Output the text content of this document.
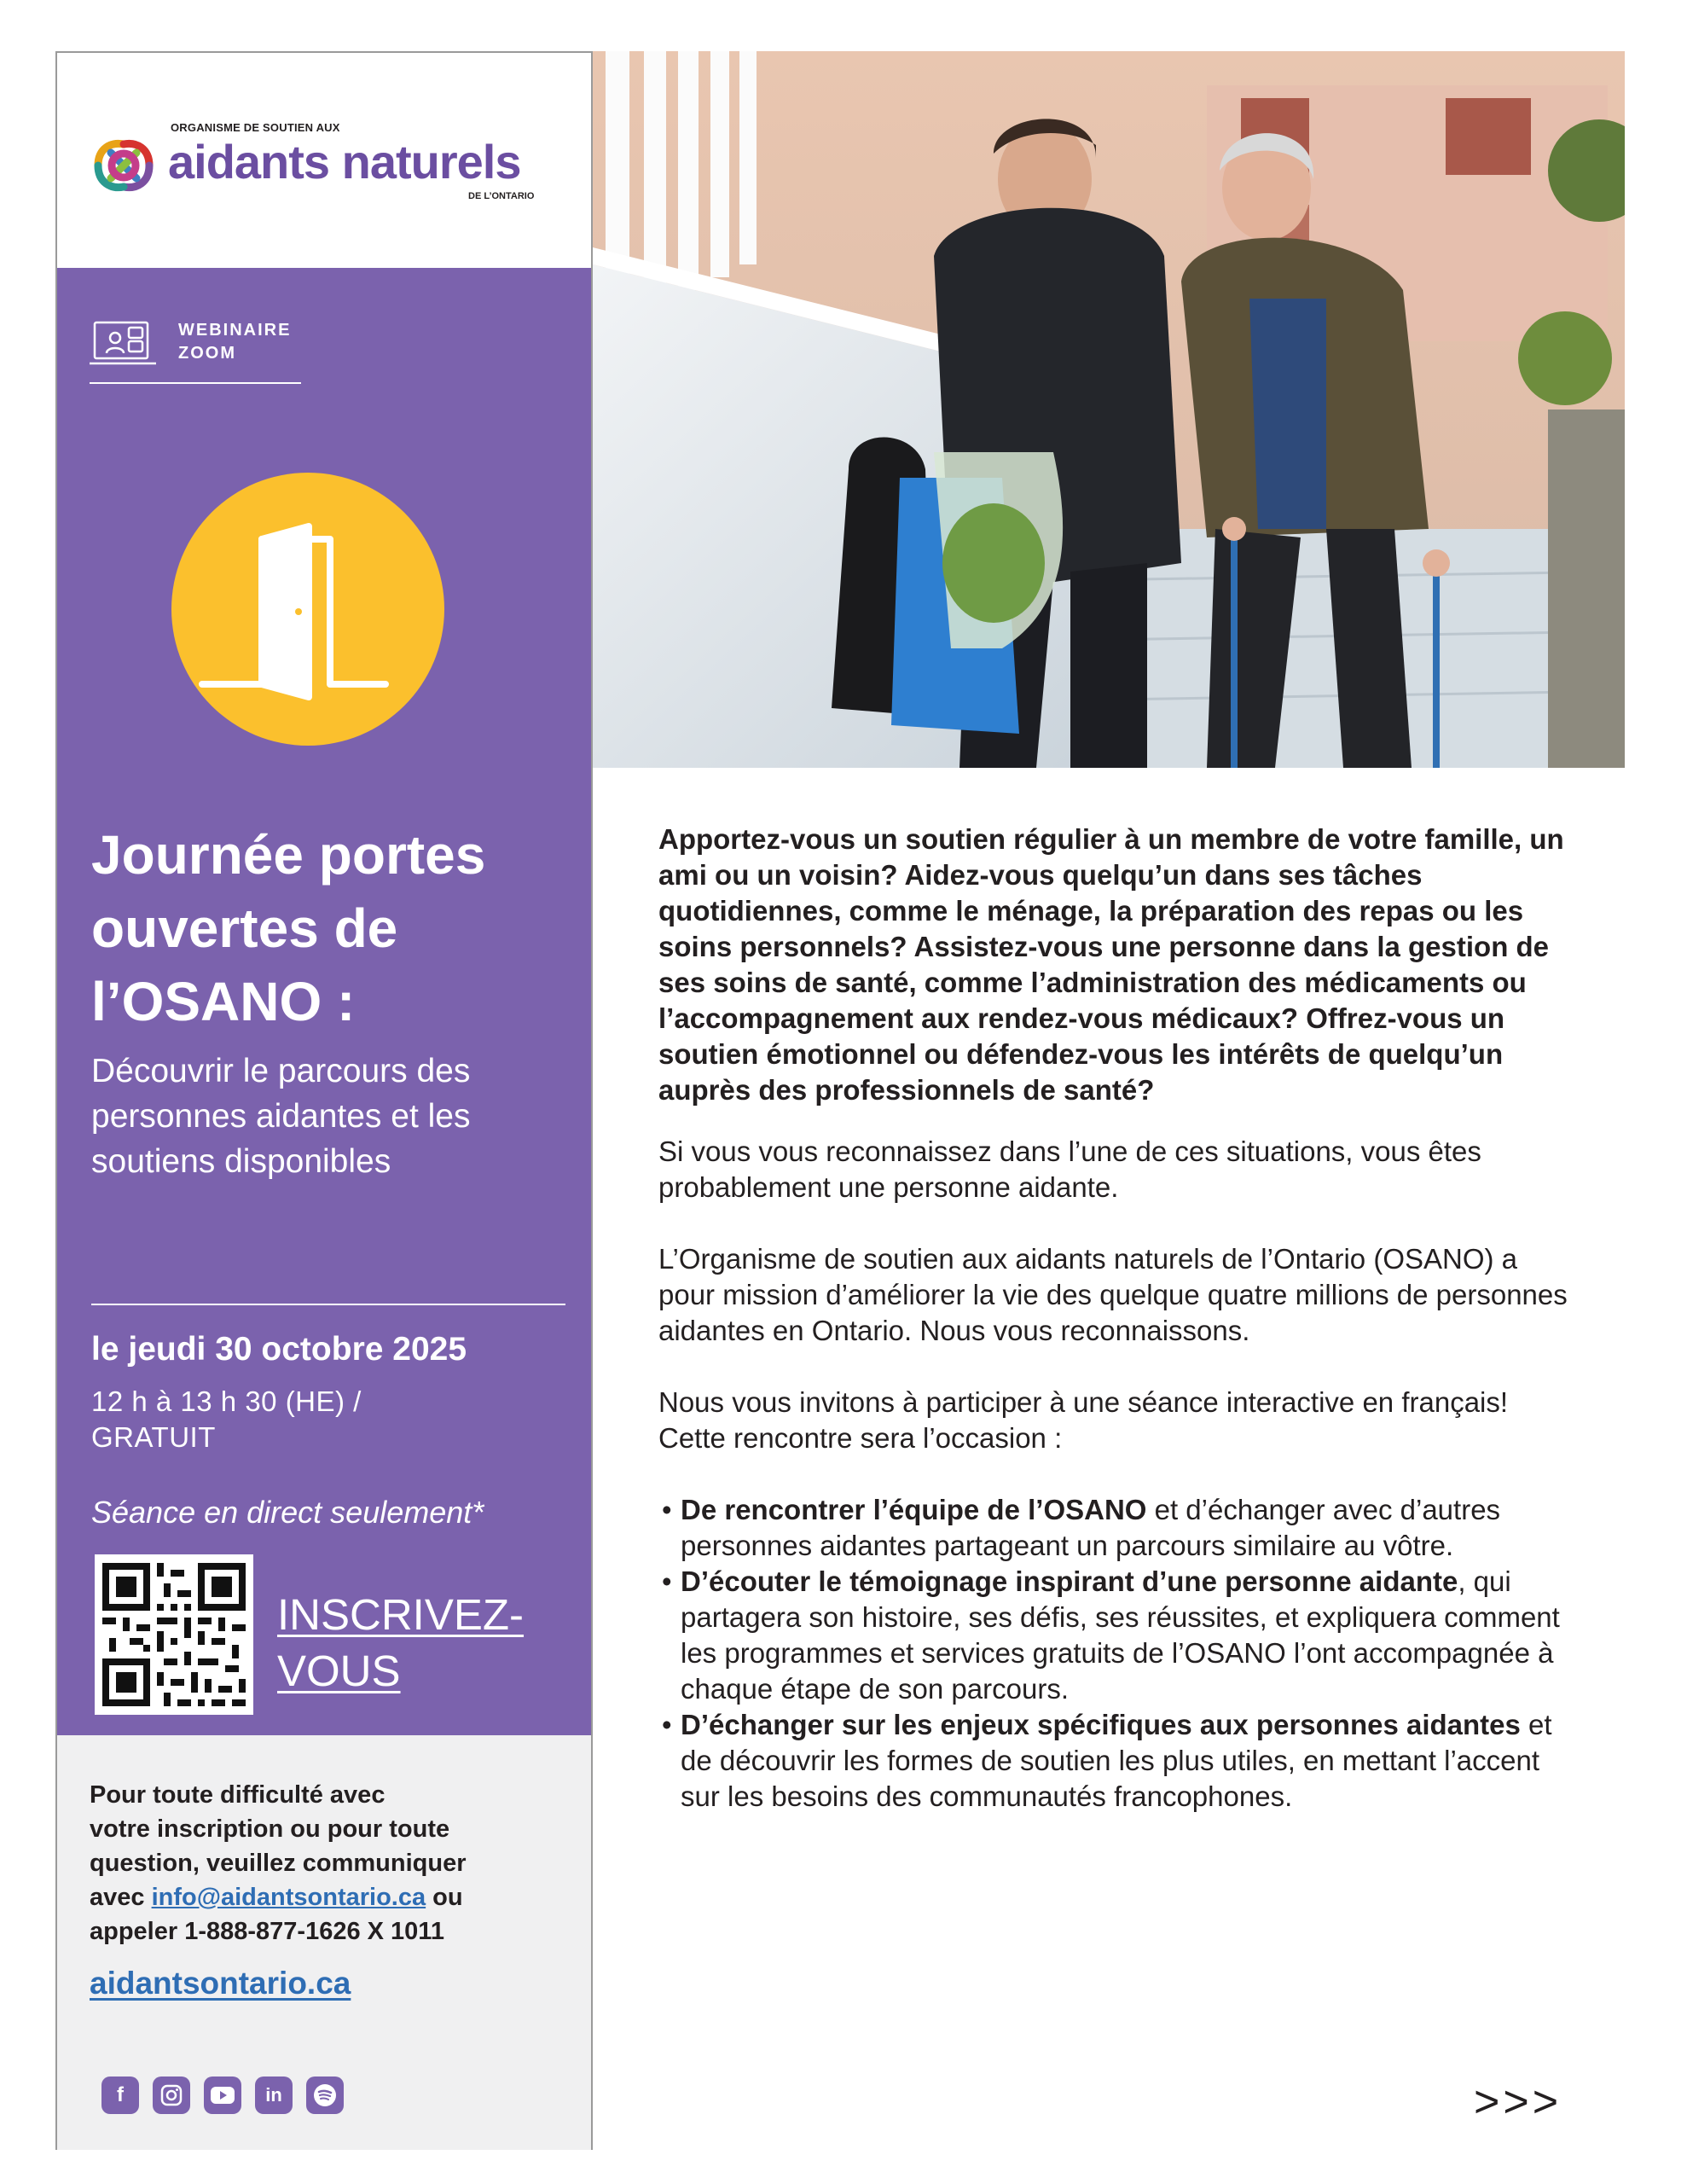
ORGANISME DE SOUTIEN AUX
aidants naturels
DE L’ONTARIO
WEBINAIRE
ZOOM
Journée portes
ouvertes de
l’OSANO :
Découvrir le parcours des
personnes aidantes et les
soutiens disponibles
le jeudi 30 octobre 2025
12 h à 13 h 30 (HE) /
GRATUIT
Séance en direct seulement*
INSCRIVEZ-
VOUS
Pour toute difficulté avec
votre inscription ou pour toute
question, veuillez communiquer
avec info@aidantsontario.ca ou
appeler 1-888-877-1626 X 1011
aidantsontario.ca
f	in

Apportez-vous un soutien régulier à un membre de votre famille, un ami ou un voisin? Aidez-vous quelqu’un dans ses tâches quotidiennes, comme le ménage, la préparation des repas ou les soins personnels? Assistez-vous une personne dans la gestion de ses soins de santé, comme l’administration des médicaments ou l’accompagnement aux rendez-vous médicaux? Offrez-vous un soutien émotionnel ou défendez-vous les intérêts de quelqu’un auprès des professionnels de santé?

Si vous vous reconnaissez dans l’une de ces situations, vous êtes probablement une personne aidante.

L’Organisme de soutien aux aidants naturels de l’Ontario (OSANO) a pour mission d’améliorer la vie des quelque quatre millions de personnes aidantes en Ontario. Nous vous reconnaissons.

Nous vous invitons à participer à une séance interactive en français! Cette rencontre sera l’occasion :

• De rencontrer l’équipe de l’OSANO et d’échanger avec d’autres personnes aidantes partageant un parcours similaire au vôtre.
• D’écouter le témoignage inspirant d’une personne aidante, qui partagera son histoire, ses défis, ses réussites, et expliquera comment les programmes et services gratuits de l’OSANO l’ont accompagnée à chaque étape de son parcours.
• D’échanger sur les enjeux spécifiques aux personnes aidantes et de découvrir les formes de soutien les plus utiles, en mettant l’accent sur les besoins des communautés francophones.
>>>
